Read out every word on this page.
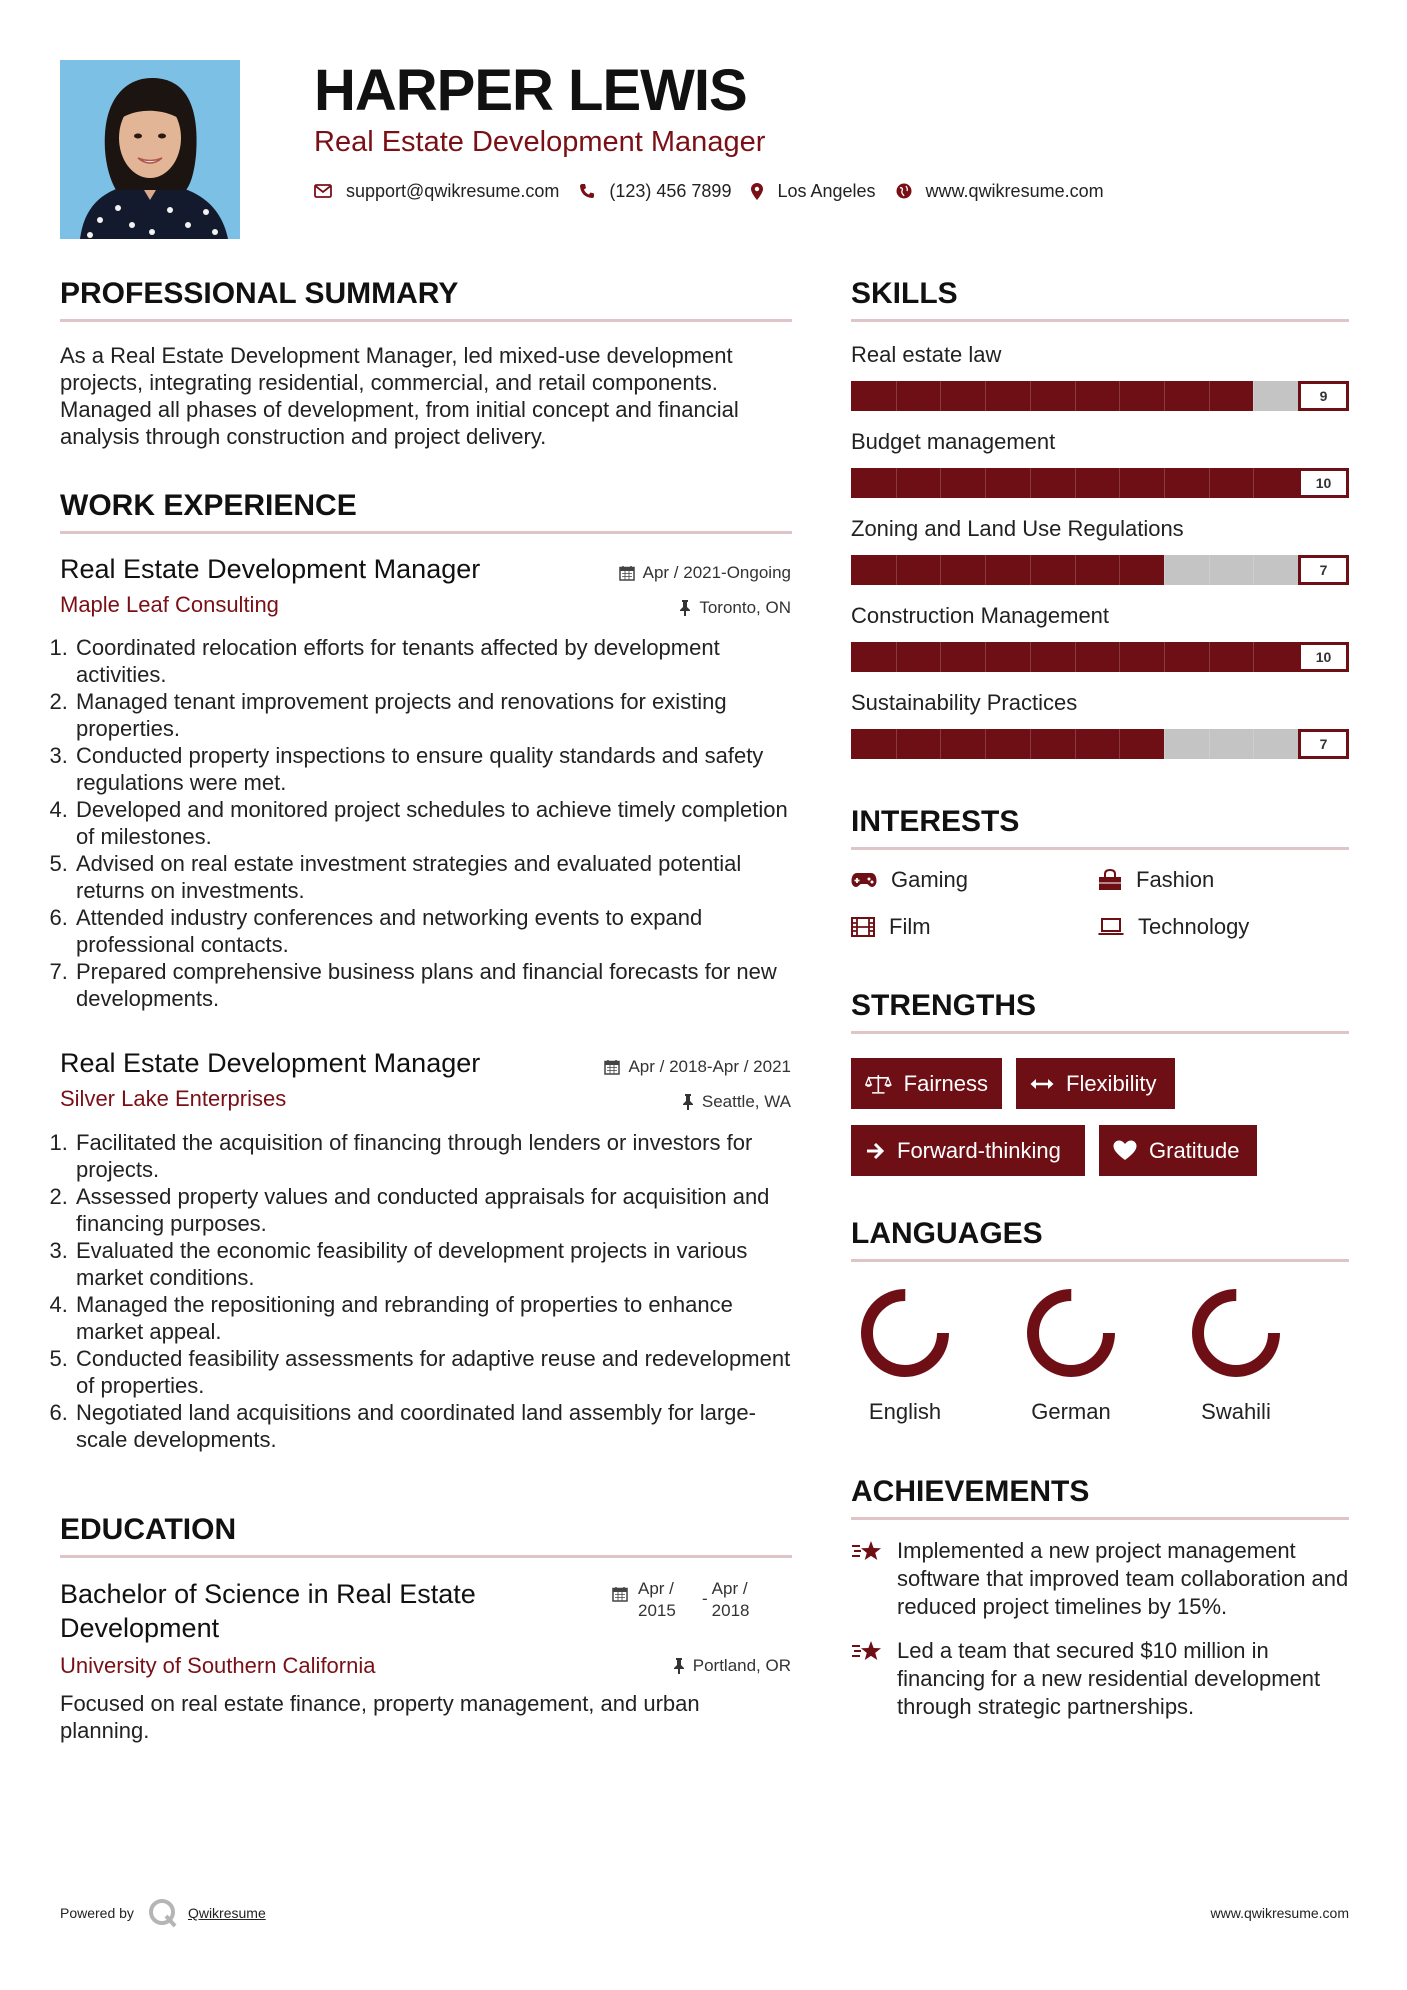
HARPER LEWIS
Real Estate Development Manager
support@qwikresume.com	(123) 456 7899	Los Angeles	www.qwikresume.com
PROFESSIONAL SUMMARY
As a Real Estate Development Manager, led mixed-use development projects, integrating residential, commercial, and retail components. Managed all phases of development, from initial concept and financial analysis through construction and project delivery.
WORK EXPERIENCE
Real Estate Development Manager	Apr / 2021-Ongoing
Maple Leaf Consulting	Toronto, ON
1. Coordinated relocation efforts for tenants affected by development activities.
2. Managed tenant improvement projects and renovations for existing properties.
3. Conducted property inspections to ensure quality standards and safety regulations were met.
4. Developed and monitored project schedules to achieve timely completion of milestones.
5. Advised on real estate investment strategies and evaluated potential returns on investments.
6. Attended industry conferences and networking events to expand professional contacts.
7. Prepared comprehensive business plans and financial forecasts for new developments.
Real Estate Development Manager	Apr / 2018-Apr / 2021
Silver Lake Enterprises	Seattle, WA
1. Facilitated the acquisition of financing through lenders or investors for projects.
2. Assessed property values and conducted appraisals for acquisition and financing purposes.
3. Evaluated the economic feasibility of development projects in various market conditions.
4. Managed the repositioning and rebranding of properties to enhance market appeal.
5. Conducted feasibility assessments for adaptive reuse and redevelopment of properties.
6. Negotiated land acquisitions and coordinated land assembly for large-scale developments.
EDUCATION
Bachelor of Science in Real Estate Development
Apr / 2015
-
Apr / 2018
University of Southern California	Portland, OR
Focused on real estate finance, property management, and urban planning.
SKILLS
Real estate law
9
Budget management
10
Zoning and Land Use Regulations
7
Construction Management
10
Sustainability Practices
7
INTERESTS
Gaming	Fashion
Film	Technology
STRENGTHS
Fairness	Flexibility
Forward-thinking	Gratitude
LANGUAGES
English	German	Swahili
ACHIEVEMENTS
Implemented a new project management software that improved team collaboration and reduced project timelines by 15%.
Led a team that secured $10 million in financing for a new residential development through strategic partnerships.
Powered by	Qwikresume	www.qwikresume.com
